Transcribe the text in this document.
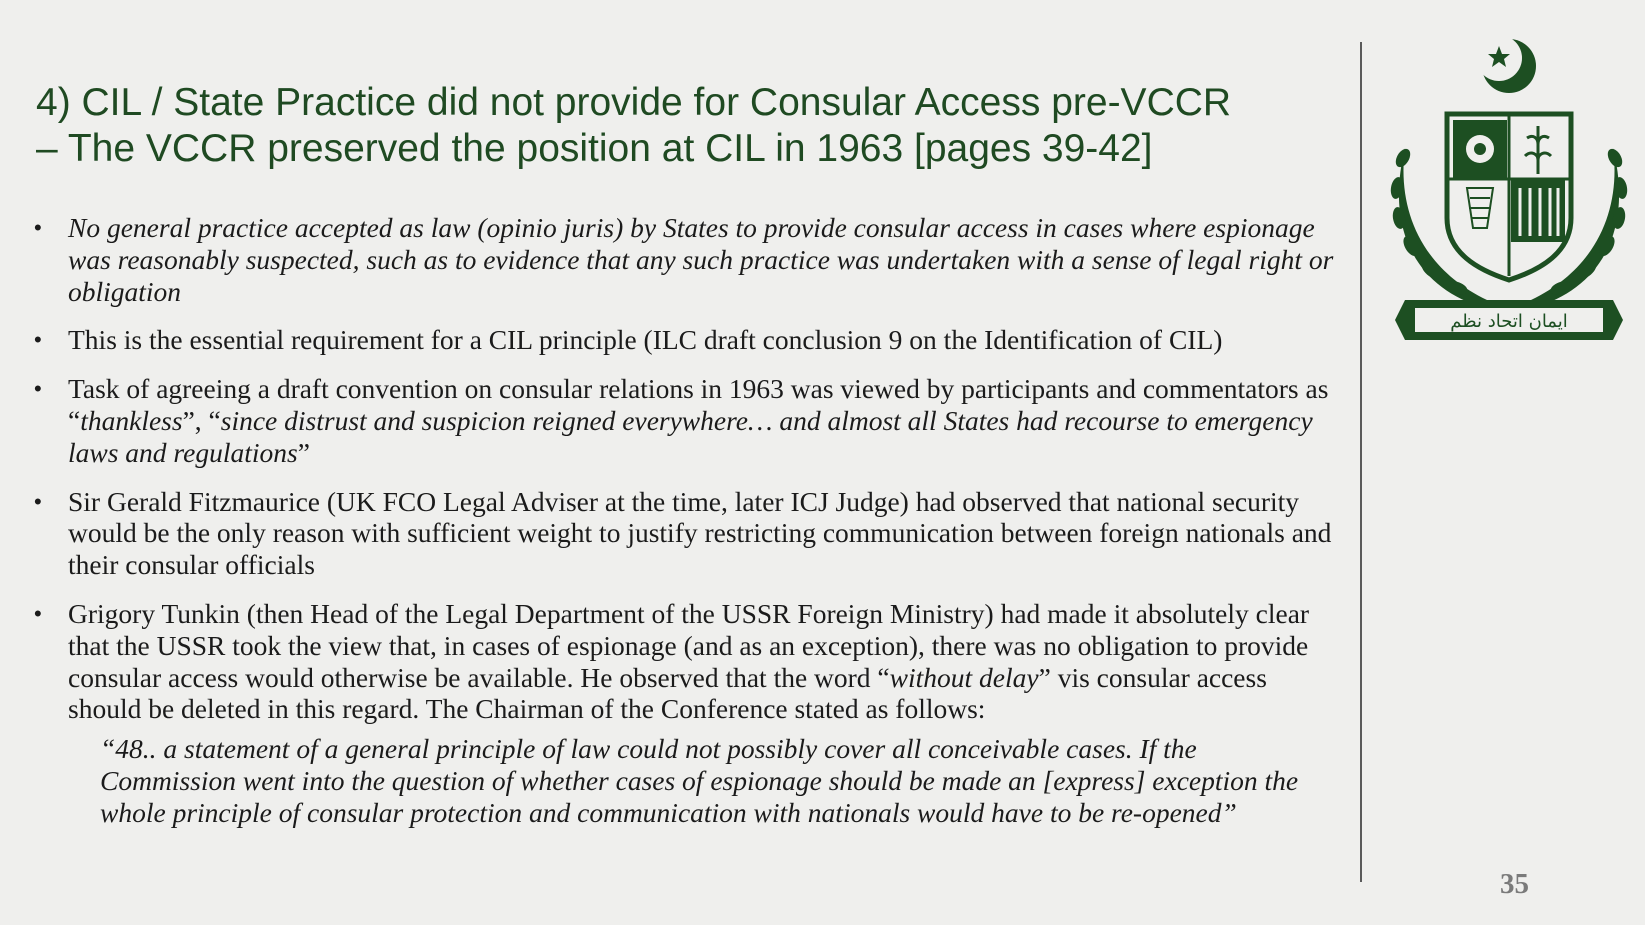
4) CIL / State Practice did not provide for Consular Access pre-VCCR
– The VCCR preserved the position at CIL in 1963 [pages 39-42]
• No general practice accepted as law (opinio juris) by States to provide consular access in cases where espionage was reasonably suspected, such as to evidence that any such practice was undertaken with a sense of legal right or obligation
• This is the essential requirement for a CIL principle (ILC draft conclusion 9 on the Identification of CIL)
• Task of agreeing a draft convention on consular relations in 1963 was viewed by participants and commentators as “thankless”, “since distrust and suspicion reigned everywhere… and almost all States had recourse to emergency laws and regulations”
• Sir Gerald Fitzmaurice (UK FCO Legal Adviser at the time, later ICJ Judge) had observed that national security would be the only reason with sufficient weight to justify restricting communication between foreign nationals and their consular officials
• Grigory Tunkin (then Head of the Legal Department of the USSR Foreign Ministry) had made it absolutely clear that the USSR took the view that, in cases of espionage (and as an exception), there was no obligation to provide consular access would otherwise be available. He observed that the word “without delay” vis consular access should be deleted in this regard. The Chairman of the Conference stated as follows:
“48.. a statement of a general principle of law could not possibly cover all conceivable cases. If the Commission went into the question of whether cases of espionage should be made an [express] exception the whole principle of consular protection and communication with nationals would have to be re-opened”
ایمان اتحاد نظم
35
